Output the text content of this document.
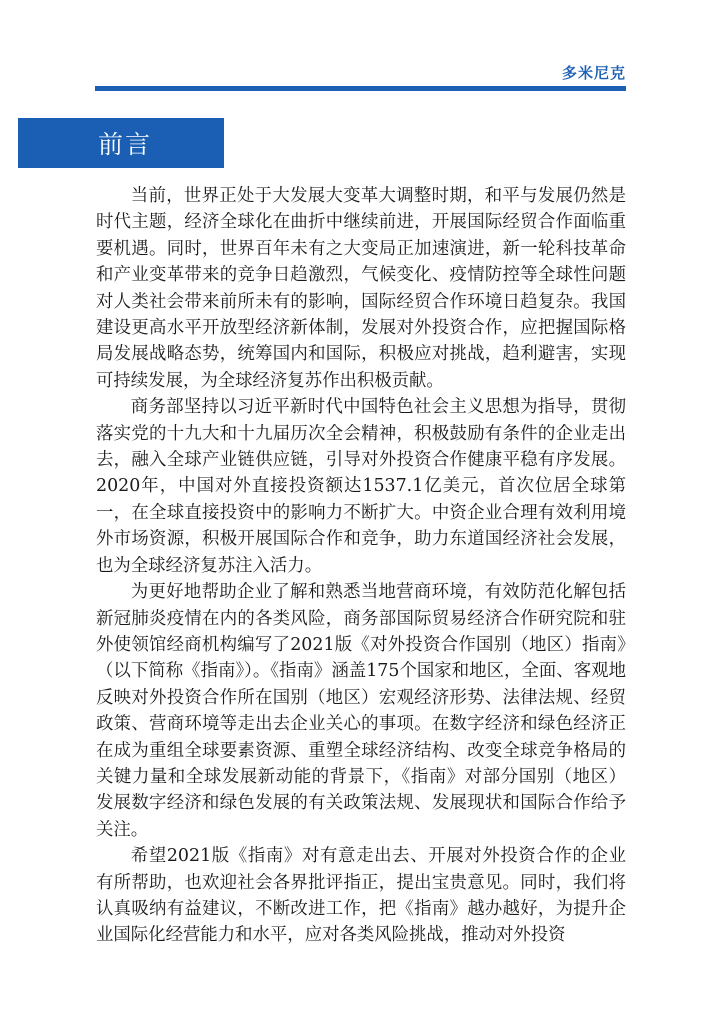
多米尼克
前言

当前，世界正处于大发展大变革大调整时期，和平与发展仍然是时代主题，经济全球化在曲折中继续前进，开展国际经贸合作面临重要机遇。同时，世界百年未有之大变局正加速演进，新一轮科技革命和产业变革带来的竞争日趋激烈，气候变化、疫情防控等全球性问题对人类社会带来前所未有的影响，国际经贸合作环境日趋复杂。我国建设更高水平开放型经济新体制，发展对外投资合作，应把握国际格局发展战略态势，统筹国内和国际，积极应对挑战，趋利避害，实现可持续发展，为全球经济复苏作出积极贡献。

商务部坚持以习近平新时代中国特色社会主义思想为指导，贯彻落实党的十九大和十九届历次全会精神，积极鼓励有条件的企业走出去，融入全球产业链供应链，引导对外投资合作健康平稳有序发展。2020年，中国对外直接投资额达1537.1亿美元，首次位居全球第一，在全球直接投资中的影响力不断扩大。中资企业合理有效利用境外市场资源，积极开展国际合作和竞争，助力东道国经济社会发展，也为全球经济复苏注入活力。

为更好地帮助企业了解和熟悉当地营商环境，有效防范化解包括新冠肺炎疫情在内的各类风险，商务部国际贸易经济合作研究院和驻外使领馆经商机构编写了2021版《对外投资合作国别（地区）指南》（以下简称《指南》）。《指南》涵盖175个国家和地区，全面、客观地反映对外投资合作所在国别（地区）宏观经济形势、法律法规、经贸政策、营商环境等走出去企业关心的事项。在数字经济和绿色经济正在成为重组全球要素资源、重塑全球经济结构、改变全球竞争格局的关键力量和全球发展新动能的背景下，《指南》对部分国别（地区）发展数字经济和绿色发展的有关政策法规、发展现状和国际合作给予关注。

希望2021版《指南》对有意走出去、开展对外投资合作的企业有所帮助，也欢迎社会各界批评指正，提出宝贵意见。同时，我们将认真吸纳有益建议，不断改进工作，把《指南》越办越好，为提升企业国际化经营能力和水平，应对各类风险挑战，推动对外投资
